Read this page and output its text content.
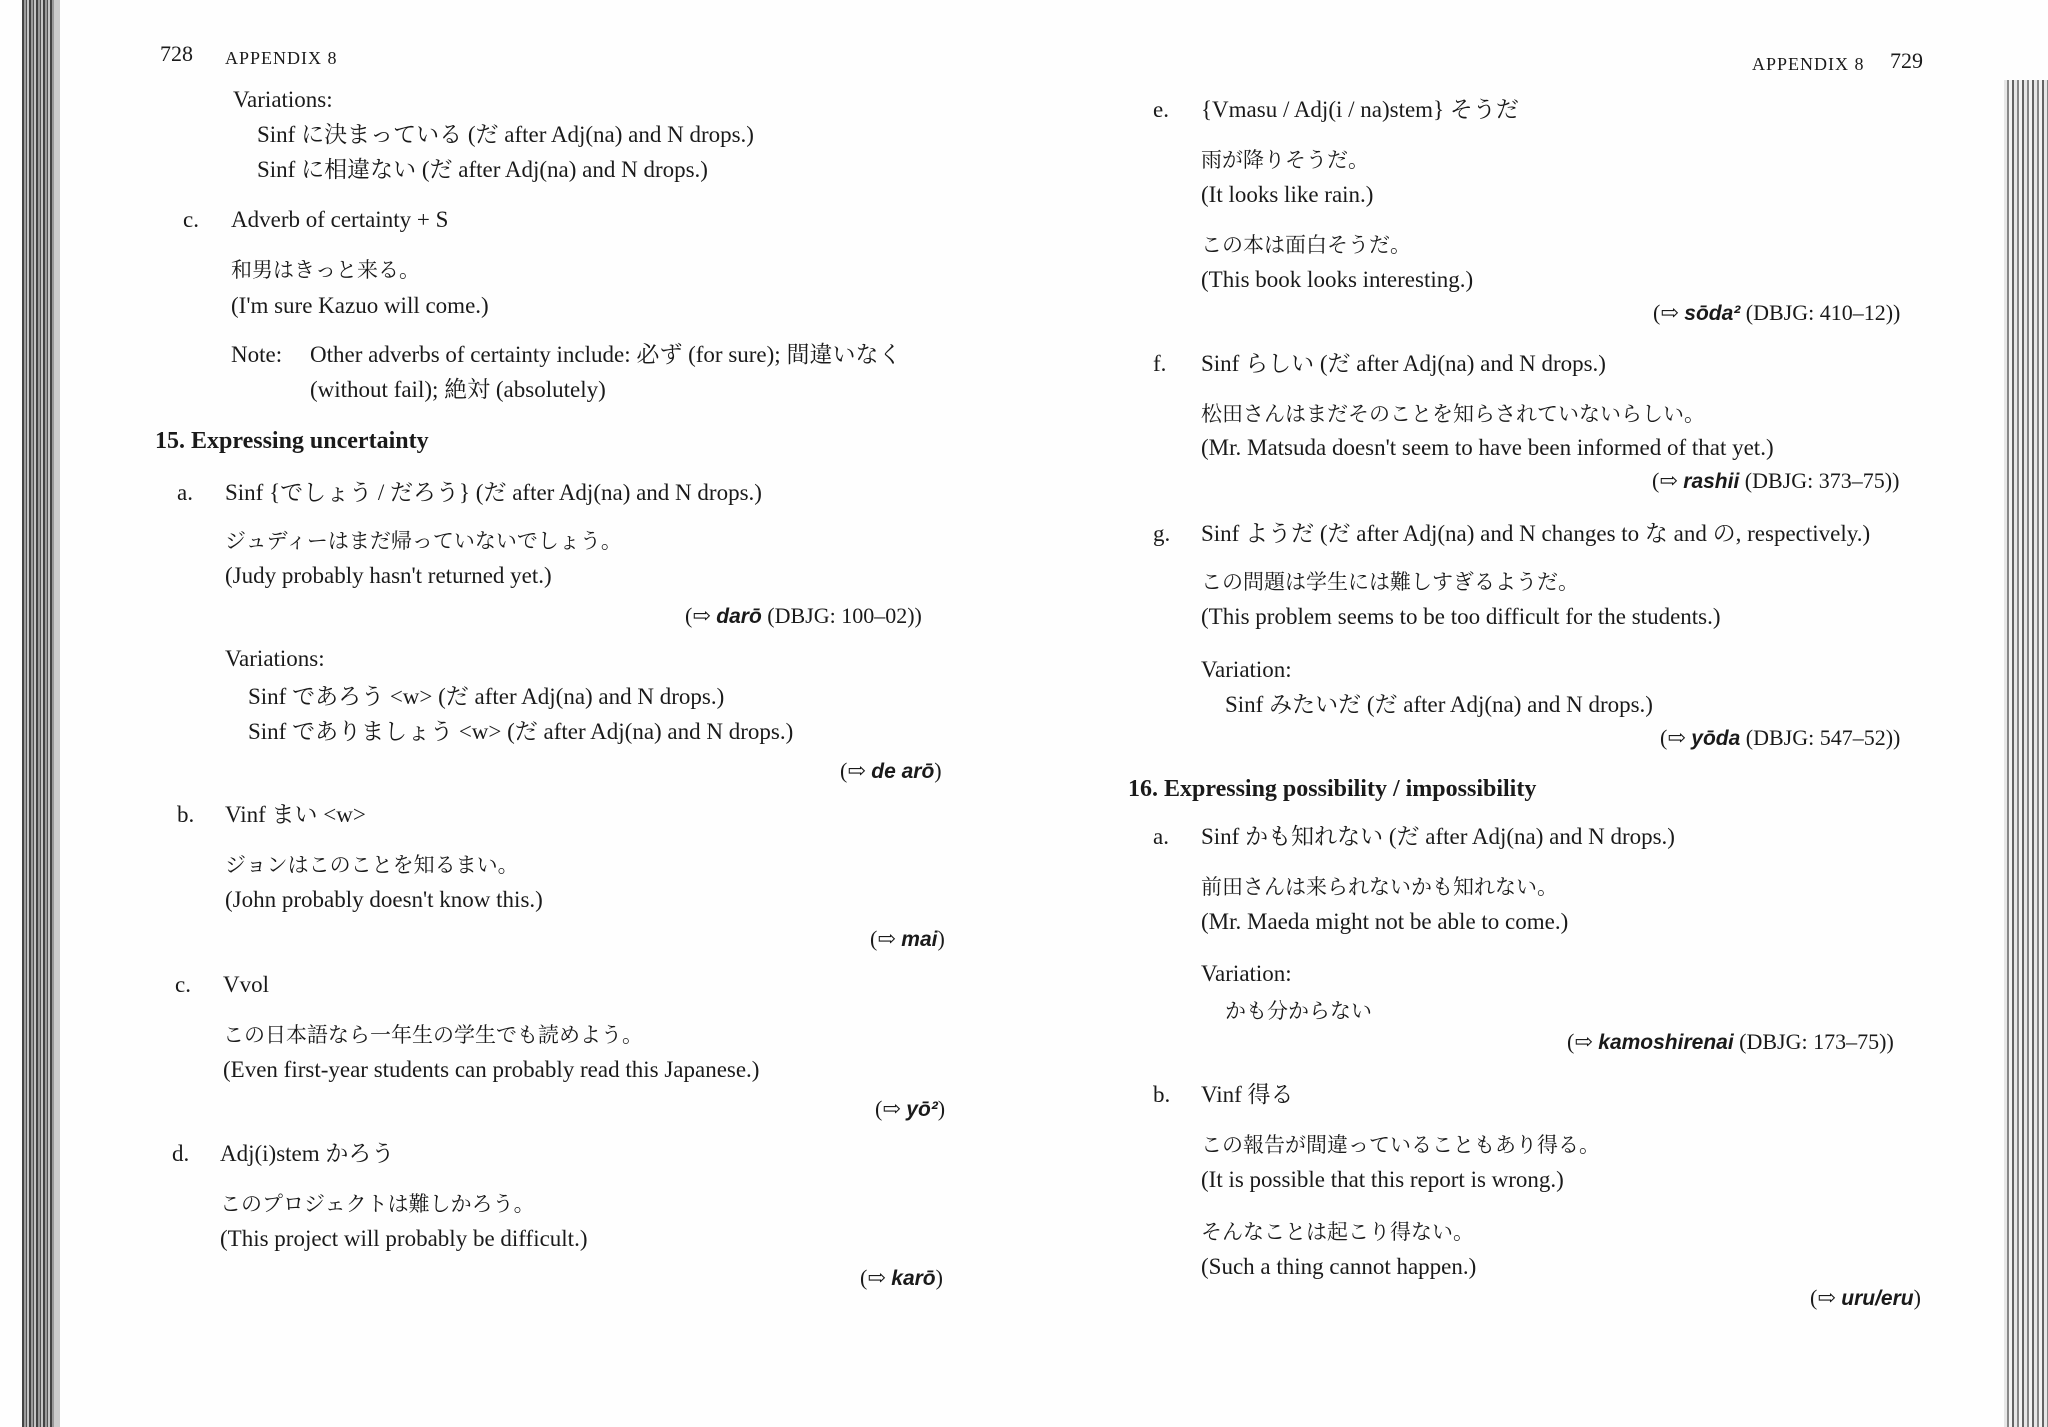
728 APPENDIX 8
Variations:
Sinf に決まっている (だ after Adj(na) and N drops.)
Sinf に相違ない (だ after Adj(na) and N drops.)
c. Adverb of certainty + S
和男はきっと来る。
(I'm sure Kazuo will come.)
Note: Other adverbs of certainty include: 必ず (for sure); 間違いなく
(without fail); 絶対 (absolutely)
15. Expressing uncertainty
a. Sinf {でしょう / だろう} (だ after Adj(na) and N drops.)
ジュディーはまだ帰っていないでしょう。
(Judy probably hasn't returned yet.)
(⇨ darō (DBJG: 100–02))
Variations:
Sinf であろう <w> (だ after Adj(na) and N drops.)
Sinf でありましょう <w> (だ after Adj(na) and N drops.)
(⇨ de arō)
b. Vinf まい <w>
ジョンはこのことを知るまい。
(John probably doesn't know this.)
(⇨ mai)
c. Vvol
この日本語なら一年生の学生でも読めよう。
(Even first-year students can probably read this Japanese.)
(⇨ yō²)
d. Adj(i)stem かろう
このプロジェクトは難しかろう。
(This project will probably be difficult.)
(⇨ karō)
APPENDIX 8 729
e. {Vmasu / Adj(i / na)stem} そうだ
雨が降りそうだ。
(It looks like rain.)
この本は面白そうだ。
(This book looks interesting.)
(⇨ sōda² (DBJG: 410–12))
f. Sinf らしい (だ after Adj(na) and N drops.)
松田さんはまだそのことを知らされていないらしい。
(Mr. Matsuda doesn't seem to have been informed of that yet.)
(⇨ rashii (DBJG: 373–75))
g. Sinf ようだ (だ after Adj(na) and N changes to な and の, respectively.)
この問題は学生には難しすぎるようだ。
(This problem seems to be too difficult for the students.)
Variation:
Sinf みたいだ (だ after Adj(na) and N drops.)
(⇨ yōda (DBJG: 547–52))
16. Expressing possibility / impossibility
a. Sinf かも知れない (だ after Adj(na) and N drops.)
前田さんは来られないかも知れない。
(Mr. Maeda might not be able to come.)
Variation:
かも分からない
(⇨ kamoshirenai (DBJG: 173–75))
b. Vinf 得る
この報告が間違っていることもあり得る。
(It is possible that this report is wrong.)
そんなことは起こり得ない。
(Such a thing cannot happen.)
(⇨ uru/eru)
